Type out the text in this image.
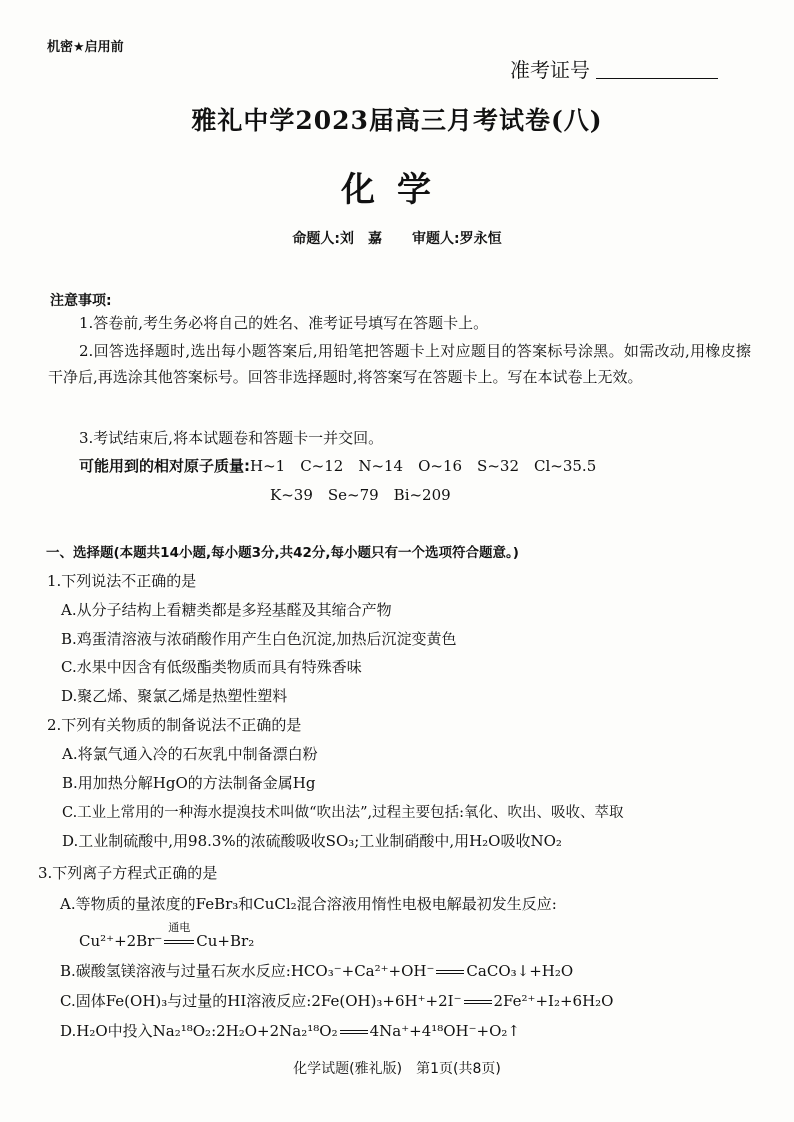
机密★启用前
准考证号
雅礼中学2023届高三月考试卷(八)
化学
命题人:刘　嘉 审题人:罗永恒
注意事项:
1.答卷前,考生务必将自己的姓名、准考证号填写在答题卡上。
2.回答选择题时,选出每小题答案后,用铅笔把答题卡上对应题目的答案标号涂黑。如需改动,用橡皮擦干净后,再选涂其他答案标号。回答非选择题时,将答案写在答题卡上。写在本试卷上无效。
3.考试结束后,将本试题卷和答题卡一并交回。
可能用到的相对原子质量:H~1　C~12　N~14　O~16　S~32　Cl~35.5
K~39　Se~79　Bi~209
一、选择题(本题共14小题,每小题3分,共42分,每小题只有一个选项符合题意。)
1.下列说法不正确的是
A.从分子结构上看糖类都是多羟基醛及其缩合产物
B.鸡蛋清溶液与浓硝酸作用产生白色沉淀,加热后沉淀变黄色
C.水果中因含有低级酯类物质而具有特殊香味
D.聚乙烯、聚氯乙烯是热塑性塑料
2.下列有关物质的制备说法不正确的是
A.将氯气通入冷的石灰乳中制备漂白粉
B.用加热分解HgO的方法制备金属Hg
C.工业上常用的一种海水提溴技术叫做“吹出法”,过程主要包括:氧化、吹出、吸收、萃取
D.工业制硫酸中,用98.3%的浓硫酸吸收SO₃;工业制硝酸中,用H₂O吸收NO₂
3.下列离子方程式正确的是
A.等物质的量浓度的FeBr₃和CuCl₂混合溶液用惰性电极电解最初发生反应:
Cu²⁺+2Br⁻
通电
Cu+Br₂
B.碳酸氢镁溶液与过量石灰水反应:HCO₃⁻+Ca²⁺+OH⁻ CaCO₃↓+H₂O
C.固体Fe(OH)₃与过量的HI溶液反应:2Fe(OH)₃+6H⁺+2I⁻ 2Fe²⁺+I₂+6H₂O
D.H₂O中投入Na₂¹⁸O₂:2H₂O+2Na₂¹⁸O₂ 4Na⁺+4¹⁸OH⁻+O₂↑
化学试题(雅礼版)　第1页(共8页)
